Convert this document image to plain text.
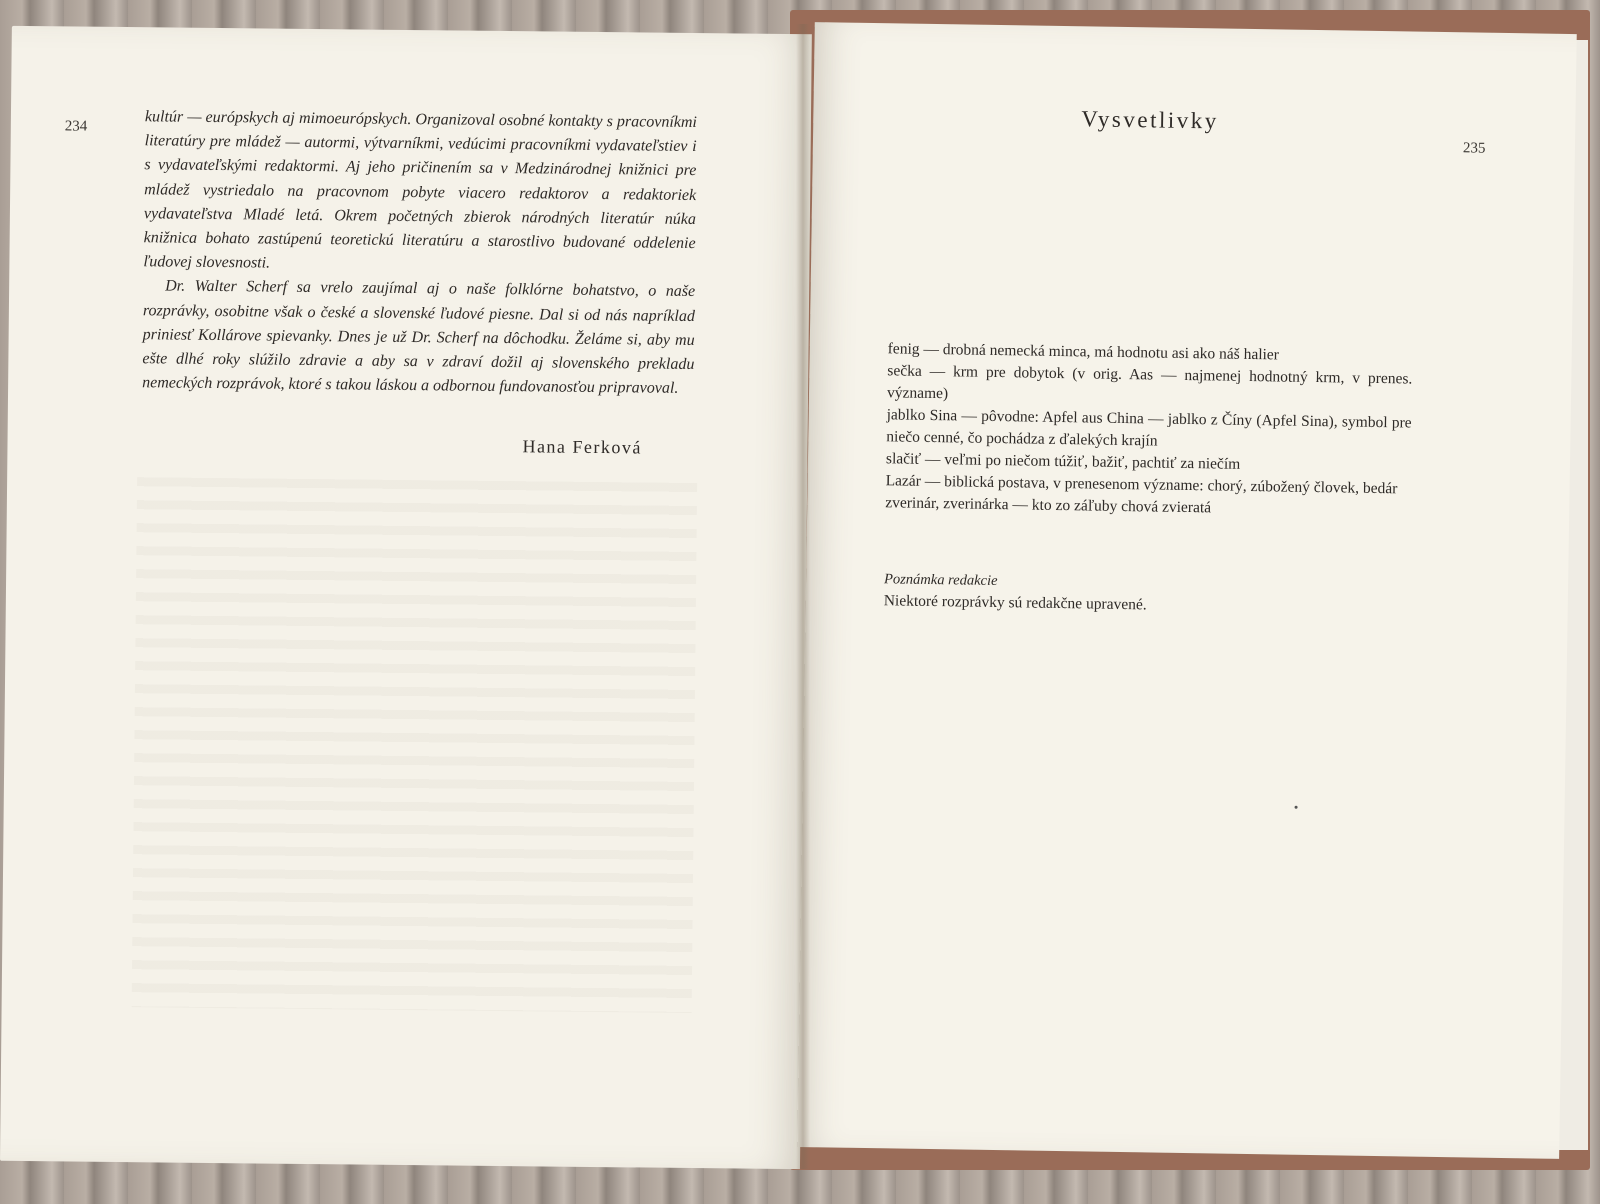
234	kultúr — európskych aj mimoeurópskych. Organizoval osobné kontakty s pracovníkmi literatúry pre mládež — autormi, výtvarníkmi, vedúcimi pracovníkmi vydavateľstiev i s vydavateľskými redaktormi. Aj jeho pričinením sa v Medzinárodnej knižnici pre mládež vystriedalo na pracovnom pobyte viacero redaktorov a redaktoriek vydavateľstva Mladé letá. Okrem početných zbierok národných literatúr núka knižnica bohato zastúpenú teoretickú literatúru a starostlivo budované oddelenie ľudovej slovesnosti.

Dr. Walter Scherf sa vrelo zaujímal aj o naše folklórne bohatstvo, o naše rozprávky, osobitne však o české a slovenské ľudové piesne. Dal si od nás napríklad priniesť Kollárove spievanky. Dnes je už Dr. Scherf na dôchodku. Želáme si, aby mu ešte dlhé roky slúžilo zdravie a aby sa v zdraví dožil aj slovenského prekladu nemeckých rozprávok, ktoré s takou láskou a odbornou fundovanosťou pripravoval.

Hana Ferková
Vysvetlivky
235

fenig — drobná nemecká minca, má hodnotu asi ako náš halier

sečka — krm pre dobytok (v orig. Aas — najmenej hodnotný krm, v prenes. význame)

jablko Sina — pôvodne: Apfel aus China — jablko z Číny (Apfel Sina), symbol pre niečo cenné, čo pochádza z ďalekých krajín

slačiť — veľmi po niečom túžiť, bažiť, pachtiť za niečím

Lazár — biblická postava, v prenesenom význame: chorý, zúbožený človek, bedár

zverinár, zverinárka — kto zo záľuby chová zvieratá

Poznámka redakcie
Niektoré rozprávky sú redakčne upravené.
